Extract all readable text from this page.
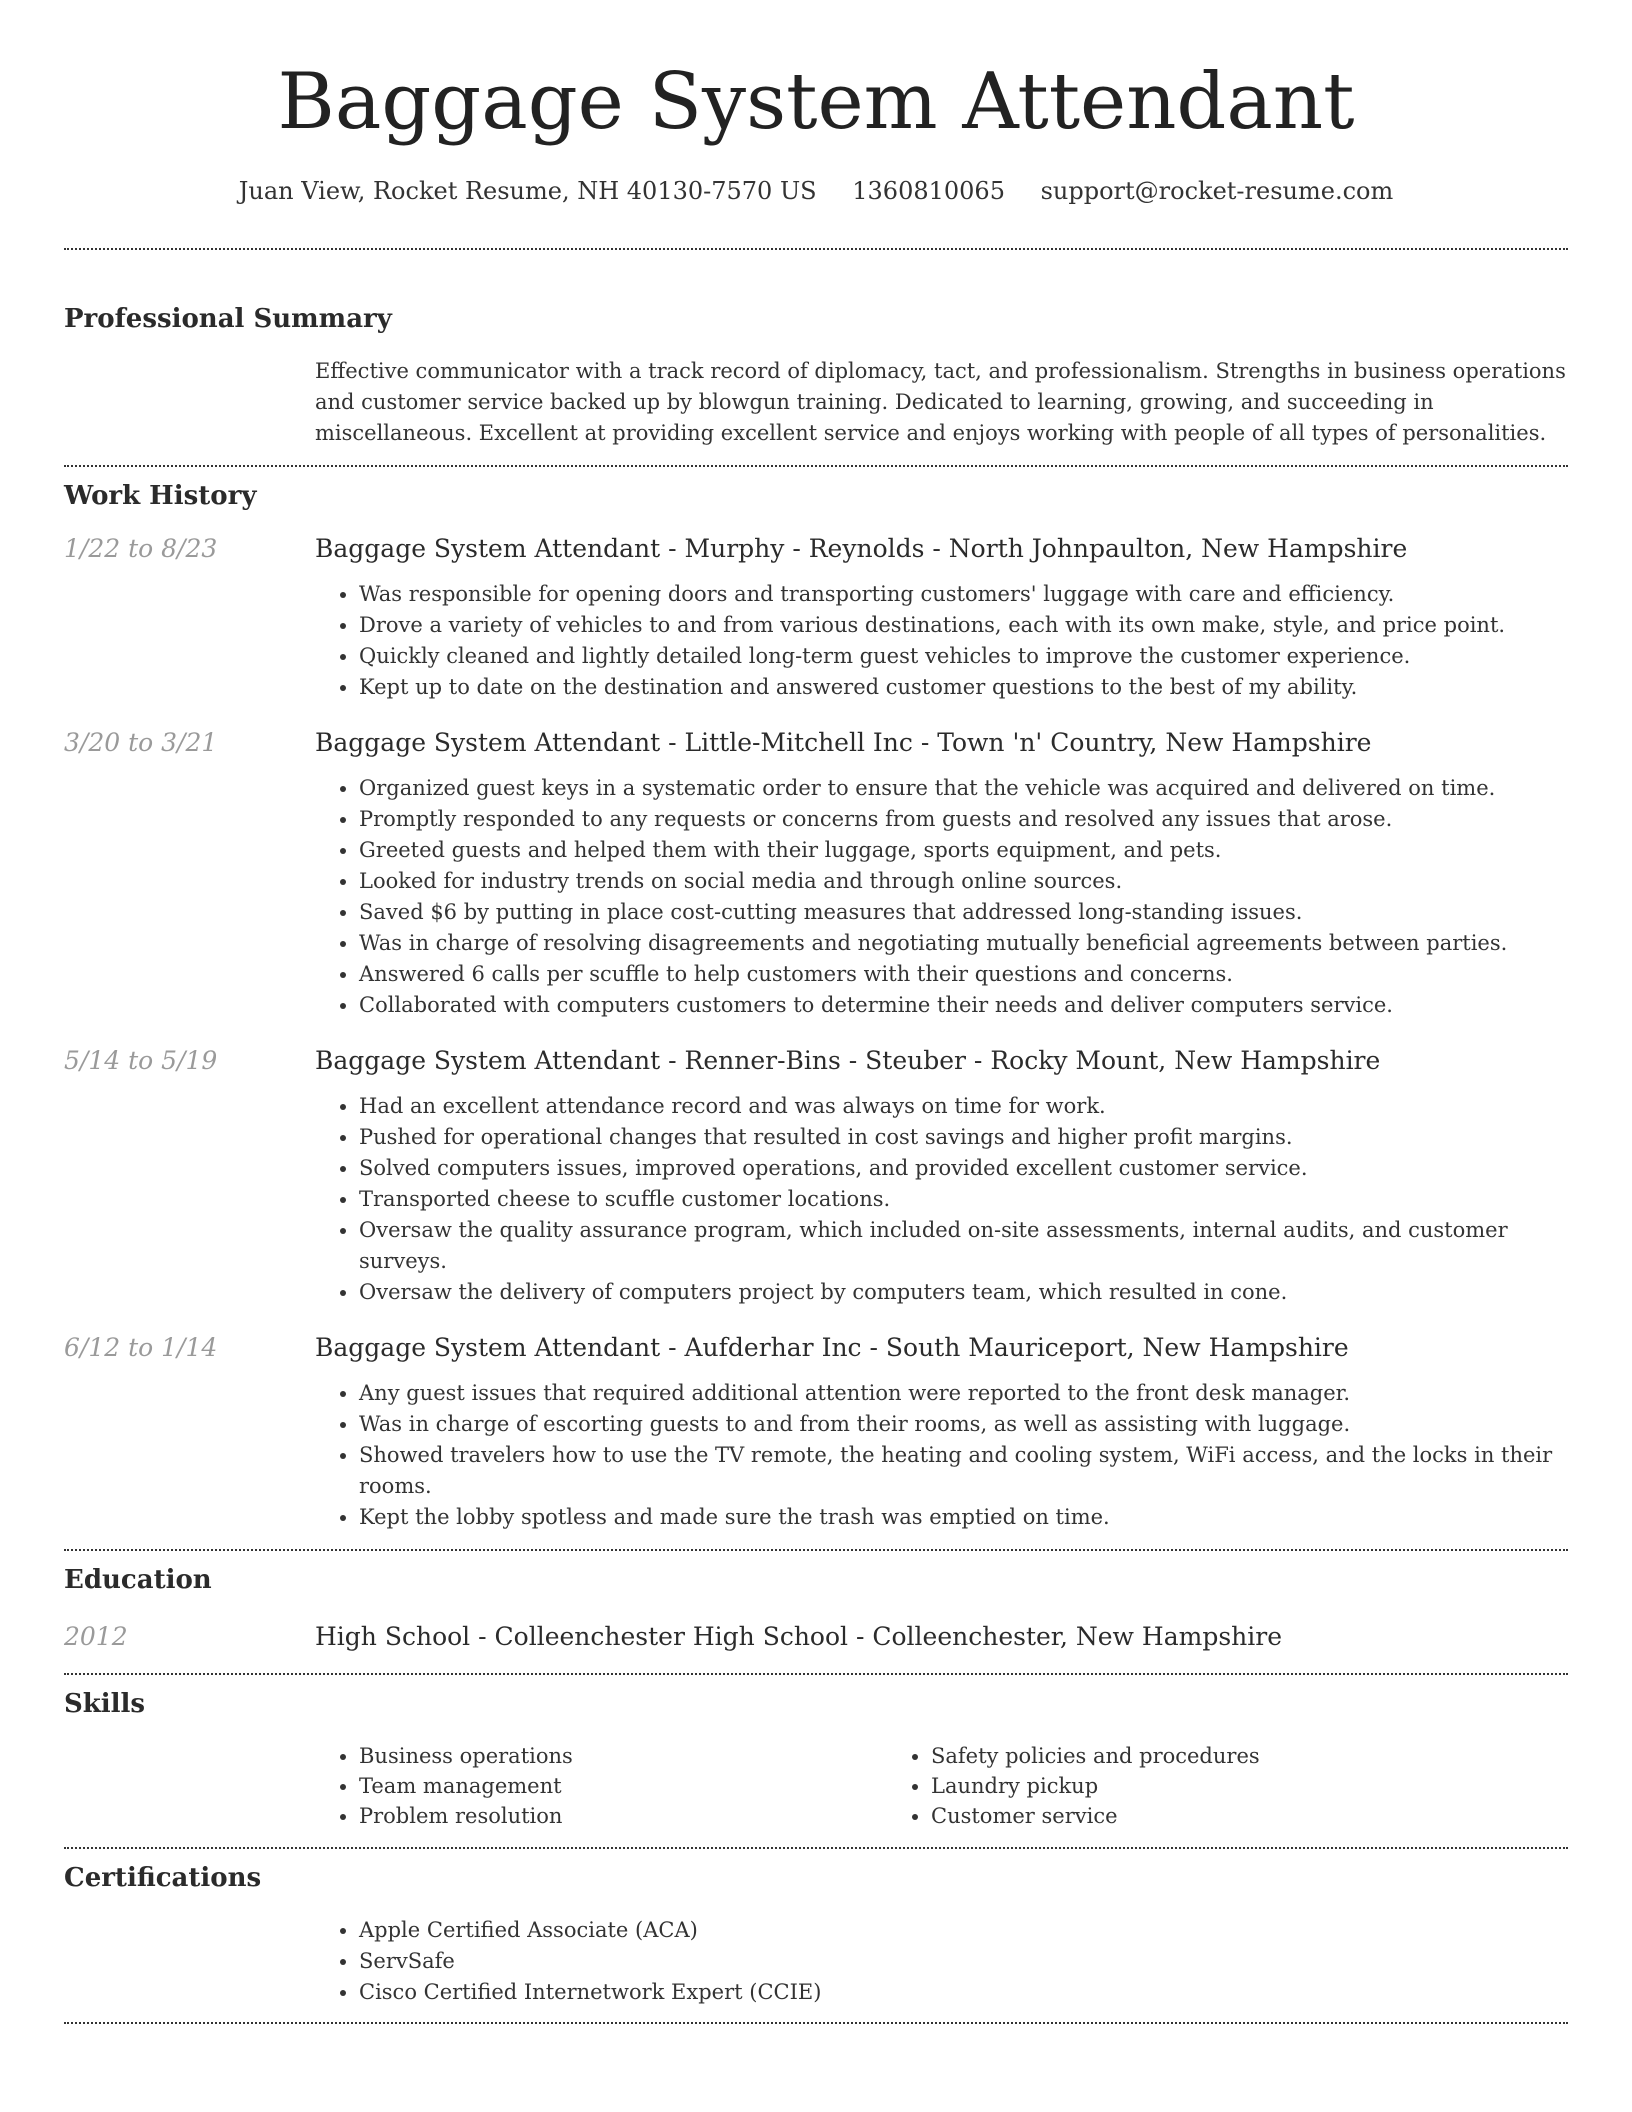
Baggage System Attendant
Juan View, Rocket Resume, NH 40130-7570 US 1360810065 support@rocket-resume.com
Professional Summary
Effective communicator with a track record of diplomacy, tact, and professionalism. Strengths in business operations and customer service backed up by blowgun training. Dedicated to learning, growing, and succeeding in miscellaneous. Excellent at providing excellent service and enjoys working with people of all types of personalities.
Work History
1/22 to 8/23	Baggage System Attendant - Murphy - Reynolds - North Johnpaulton, New Hampshire
• Was responsible for opening doors and transporting customers' luggage with care and efficiency.
• Drove a variety of vehicles to and from various destinations, each with its own make, style, and price point.
• Quickly cleaned and lightly detailed long-term guest vehicles to improve the customer experience.
• Kept up to date on the destination and answered customer questions to the best of my ability.
3/20 to 3/21	Baggage System Attendant - Little-Mitchell Inc - Town 'n' Country, New Hampshire
• Organized guest keys in a systematic order to ensure that the vehicle was acquired and delivered on time.
• Promptly responded to any requests or concerns from guests and resolved any issues that arose.
• Greeted guests and helped them with their luggage, sports equipment, and pets.
• Looked for industry trends on social media and through online sources.
• Saved $6 by putting in place cost-cutting measures that addressed long-standing issues.
• Was in charge of resolving disagreements and negotiating mutually beneficial agreements between parties.
• Answered 6 calls per scuffle to help customers with their questions and concerns.
• Collaborated with computers customers to determine their needs and deliver computers service.
5/14 to 5/19	Baggage System Attendant - Renner-Bins - Steuber - Rocky Mount, New Hampshire
• Had an excellent attendance record and was always on time for work.
• Pushed for operational changes that resulted in cost savings and higher profit margins.
• Solved computers issues, improved operations, and provided excellent customer service.
• Transported cheese to scuffle customer locations.
• Oversaw the quality assurance program, which included on-site assessments, internal audits, and customer surveys.
• Oversaw the delivery of computers project by computers team, which resulted in cone.
6/12 to 1/14	Baggage System Attendant - Aufderhar Inc - South Mauriceport, New Hampshire
• Any guest issues that required additional attention were reported to the front desk manager.
• Was in charge of escorting guests to and from their rooms, as well as assisting with luggage.
• Showed travelers how to use the TV remote, the heating and cooling system, WiFi access, and the locks in their rooms.
• Kept the lobby spotless and made sure the trash was emptied on time.
Education
2012	High School - Colleenchester High School - Colleenchester, New Hampshire
Skills
• Business operations
• Team management
• Problem resolution
• Safety policies and procedures
• Laundry pickup
• Customer service
Certifications
• Apple Certified Associate (ACA)
• ServSafe
• Cisco Certified Internetwork Expert (CCIE)
